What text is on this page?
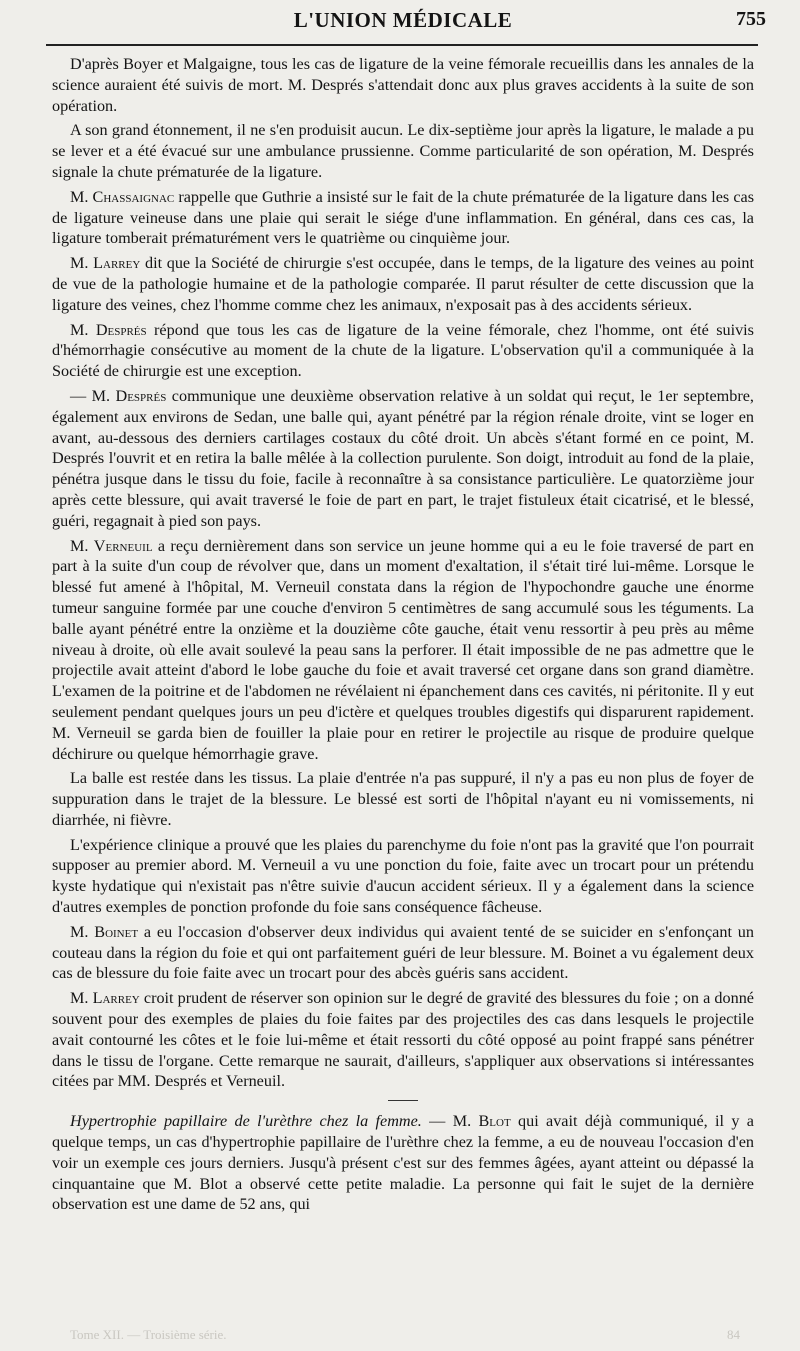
L'UNION MÉDICALE	755

D'après Boyer et Malgaigne, tous les cas de ligature de la veine fémorale recueillis dans les annales de la science auraient été suivis de mort. M. Després s'attendait donc aux plus graves accidents à la suite de son opération.

A son grand étonnement, il ne s'en produisit aucun. Le dix-septième jour après la ligature, le malade a pu se lever et a été évacué sur une ambulance prussienne. Comme particularité de son opération, M. Després signale la chute prématurée de la ligature.

M. Chassaignac rappelle que Guthrie a insisté sur le fait de la chute prématurée de la ligature dans les cas de ligature veineuse dans une plaie qui serait le siége d'une inflammation. En général, dans ces cas, la ligature tomberait prématurément vers le quatrième ou cinquième jour.

M. Larrey dit que la Société de chirurgie s'est occupée, dans le temps, de la ligature des veines au point de vue de la pathologie humaine et de la pathologie comparée. Il parut résulter de cette discussion que la ligature des veines, chez l'homme comme chez les animaux, n'exposait pas à des accidents sérieux.

M. Després répond que tous les cas de ligature de la veine fémorale, chez l'homme, ont été suivis d'hémorrhagie consécutive au moment de la chute de la ligature. L'observation qu'il a communiquée à la Société de chirurgie est une exception.

— M. Després communique une deuxième observation relative à un soldat qui reçut, le 1er septembre, également aux environs de Sedan, une balle qui, ayant pénétré par la région rénale droite, vint se loger en avant, au-dessous des derniers cartilages costaux du côté droit. Un abcès s'étant formé en ce point, M. Després l'ouvrit et en retira la balle mêlée à la collection purulente. Son doigt, introduit au fond de la plaie, pénétra jusque dans le tissu du foie, facile à reconnaître à sa consistance particulière. Le quatorzième jour après cette blessure, qui avait traversé le foie de part en part, le trajet fistuleux était cicatrisé, et le blessé, guéri, regagnait à pied son pays.

M. Verneuil a reçu dernièrement dans son service un jeune homme qui a eu le foie traversé de part en part à la suite d'un coup de révolver que, dans un moment d'exaltation, il s'était tiré lui-même. Lorsque le blessé fut amené à l'hôpital, M. Verneuil constata dans la région de l'hypochondre gauche une énorme tumeur sanguine formée par une couche d'environ 5 centimètres de sang accumulé sous les téguments. La balle ayant pénétré entre la onzième et la douzième côte gauche, était venu ressortir à peu près au même niveau à droite, où elle avait soulevé la peau sans la perforer. Il était impossible de ne pas admettre que le projectile avait atteint d'abord le lobe gauche du foie et avait traversé cet organe dans son grand diamètre. L'examen de la poitrine et de l'abdomen ne révélaient ni épanchement dans ces cavités, ni péritonite. Il y eut seulement pendant quelques jours un peu d'ictère et quelques troubles digestifs qui disparurent rapidement. M. Verneuil se garda bien de fouiller la plaie pour en retirer le projectile au risque de produire quelque déchirure ou quelque hémorrhagie grave.

La balle est restée dans les tissus. La plaie d'entrée n'a pas suppuré, il n'y a pas eu non plus de foyer de suppuration dans le trajet de la blessure. Le blessé est sorti de l'hôpital n'ayant eu ni vomissements, ni diarrhée, ni fièvre.

L'expérience clinique a prouvé que les plaies du parenchyme du foie n'ont pas la gravité que l'on pourrait supposer au premier abord. M. Verneuil a vu une ponction du foie, faite avec un trocart pour un prétendu kyste hydatique qui n'existait pas n'être suivie d'aucun accident sérieux. Il y a également dans la science d'autres exemples de ponction profonde du foie sans conséquence fâcheuse.

M. Boinet a eu l'occasion d'observer deux individus qui avaient tenté de se suicider en s'enfonçant un couteau dans la région du foie et qui ont parfaitement guéri de leur blessure. M. Boinet a vu également deux cas de blessure du foie faite avec un trocart pour des abcès guéris sans accident.

M. Larrey croit prudent de réserver son opinion sur le degré de gravité des blessures du foie ; on a donné souvent pour des exemples de plaies du foie faites par des projectiles des cas dans lesquels le projectile avait contourné les côtes et le foie lui-même et était ressorti du côté opposé au point frappé sans pénétrer dans le tissu de l'organe. Cette remarque ne saurait, d'ailleurs, s'appliquer aux observations si intéressantes citées par MM. Després et Verneuil.

Hypertrophie papillaire de l'urèthre chez la femme. — M. Blot qui avait déjà communiqué, il y a quelque temps, un cas d'hypertrophie papillaire de l'urèthre chez la femme, a eu de nouveau l'occasion d'en voir un exemple ces jours derniers. Jusqu'à présent c'est sur des femmes âgées, ayant atteint ou dépassé la cinquantaine que M. Blot a observé cette petite maladie. La personne qui fait le sujet de la dernière observation est une dame de 52 ans, qui

Tome XII. — Troisième série.	84
